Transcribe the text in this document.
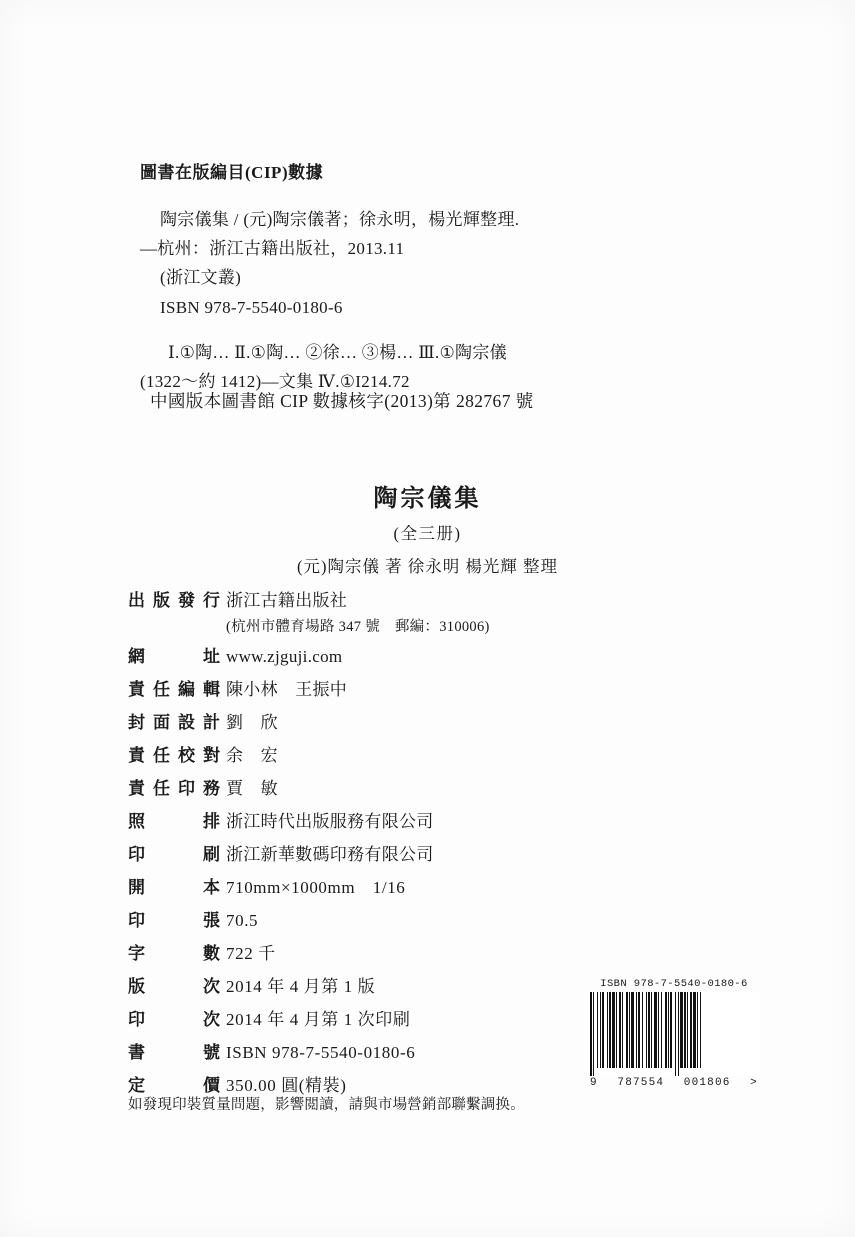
圖書在版編目(CIP)數據
陶宗儀集 / (元)陶宗儀著；徐永明，楊光輝整理.
—杭州：浙江古籍出版社，2013.11
(浙江文叢)
ISBN 978-7-5540-0180-6
Ⅰ.①陶… Ⅱ.①陶… ②徐… ③楊… Ⅲ.①陶宗儀
(1322～約 1412)—文集 Ⅳ.①I214.72
中國版本圖書館 CIP 數據核字(2013)第 282767 號
陶宗儀集
(全三册)
(元)陶宗儀 著 徐永明 楊光輝 整理
出 版 發 行 浙江古籍出版社
(杭州市體育場路 347 號　郵編：310006)
網	址 www.zjguji.com
責 任 編 輯 陳小林　王振中
封 面 設 計 劉　欣
責 任 校 對 余　宏
責 任 印 務 賈　敏
照	排 浙江時代出版服務有限公司
印	刷 浙江新華數碼印務有限公司
開	本 710mm×1000mm　1/16
印	張 70.5
字	數 722 千
版	次 2014 年 4 月第 1 版
印	次 2014 年 4 月第 1 次印刷
書	號 ISBN 978-7-5540-0180-6
定	價 350.00 圓(精裝)
如發現印裝質量問題，影響閲讀，請與市場營銷部聯繫調换。
ISBN 978-7-5540-0180-6
9 787554 001806 >
